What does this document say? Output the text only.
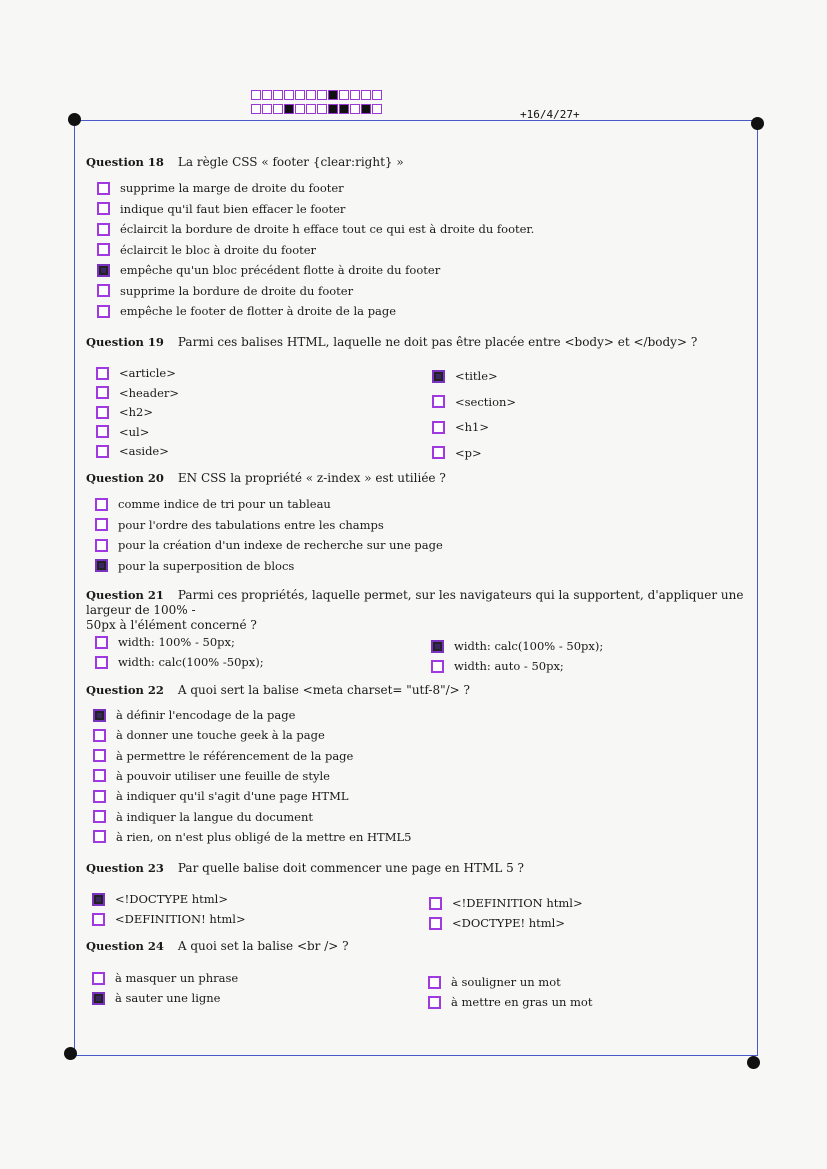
+16/4/27+
Question 18 La règle CSS « footer {clear:right} »
Question 19 Parmi ces balises HTML, laquelle ne doit pas être placée entre <body> et </body> ?
Question 20 EN CSS la propriété « z-index » est utiliée ?
Question 21 Parmi ces propriétés, laquelle permet, sur les navigateurs qui la supportent, d'appliquer une largeur de 100% -
50px à l'élément concerné ?
Question 22 A quoi sert la balise <meta charset= "utf-8"/> ?
Question 23 Par quelle balise doit commencer une page en HTML 5 ?
Question 24 A quoi set la balise <br /> ?
supprime la marge de droite du footer
indique qu'il faut bien effacer le footer
éclaircit la bordure de droite h efface tout ce qui est à droite du footer.
éclaircit le bloc à droite du footer
empêche qu'un bloc précédent flotte à droite du footer
supprime la bordure de droite du footer
empêche le footer de flotter à droite de la page
<article>
<header>
<h2>
<ul>
<aside>
<title>
<section>
<h1>
<p>
comme indice de tri pour un tableau
pour l'ordre des tabulations entre les champs
pour la création d'un indexe de recherche sur une page
pour la superposition de blocs
width: 100% - 50px;
width: calc(100% -50px);
width: calc(100% - 50px);
width: auto - 50px;
à définir l'encodage de la page
à donner une touche geek à la page
à permettre le référencement de la page
à pouvoir utiliser une feuille de style
à indiquer qu'il s'agit d'une page HTML
à indiquer la langue du document
à rien, on n'est plus obligé de la mettre en HTML5
<!DOCTYPE html>
<DEFINITION! html>
<!DEFINITION html>
<DOCTYPE! html>
à masquer un phrase
à sauter une ligne
à souligner un mot
à mettre en gras un mot
